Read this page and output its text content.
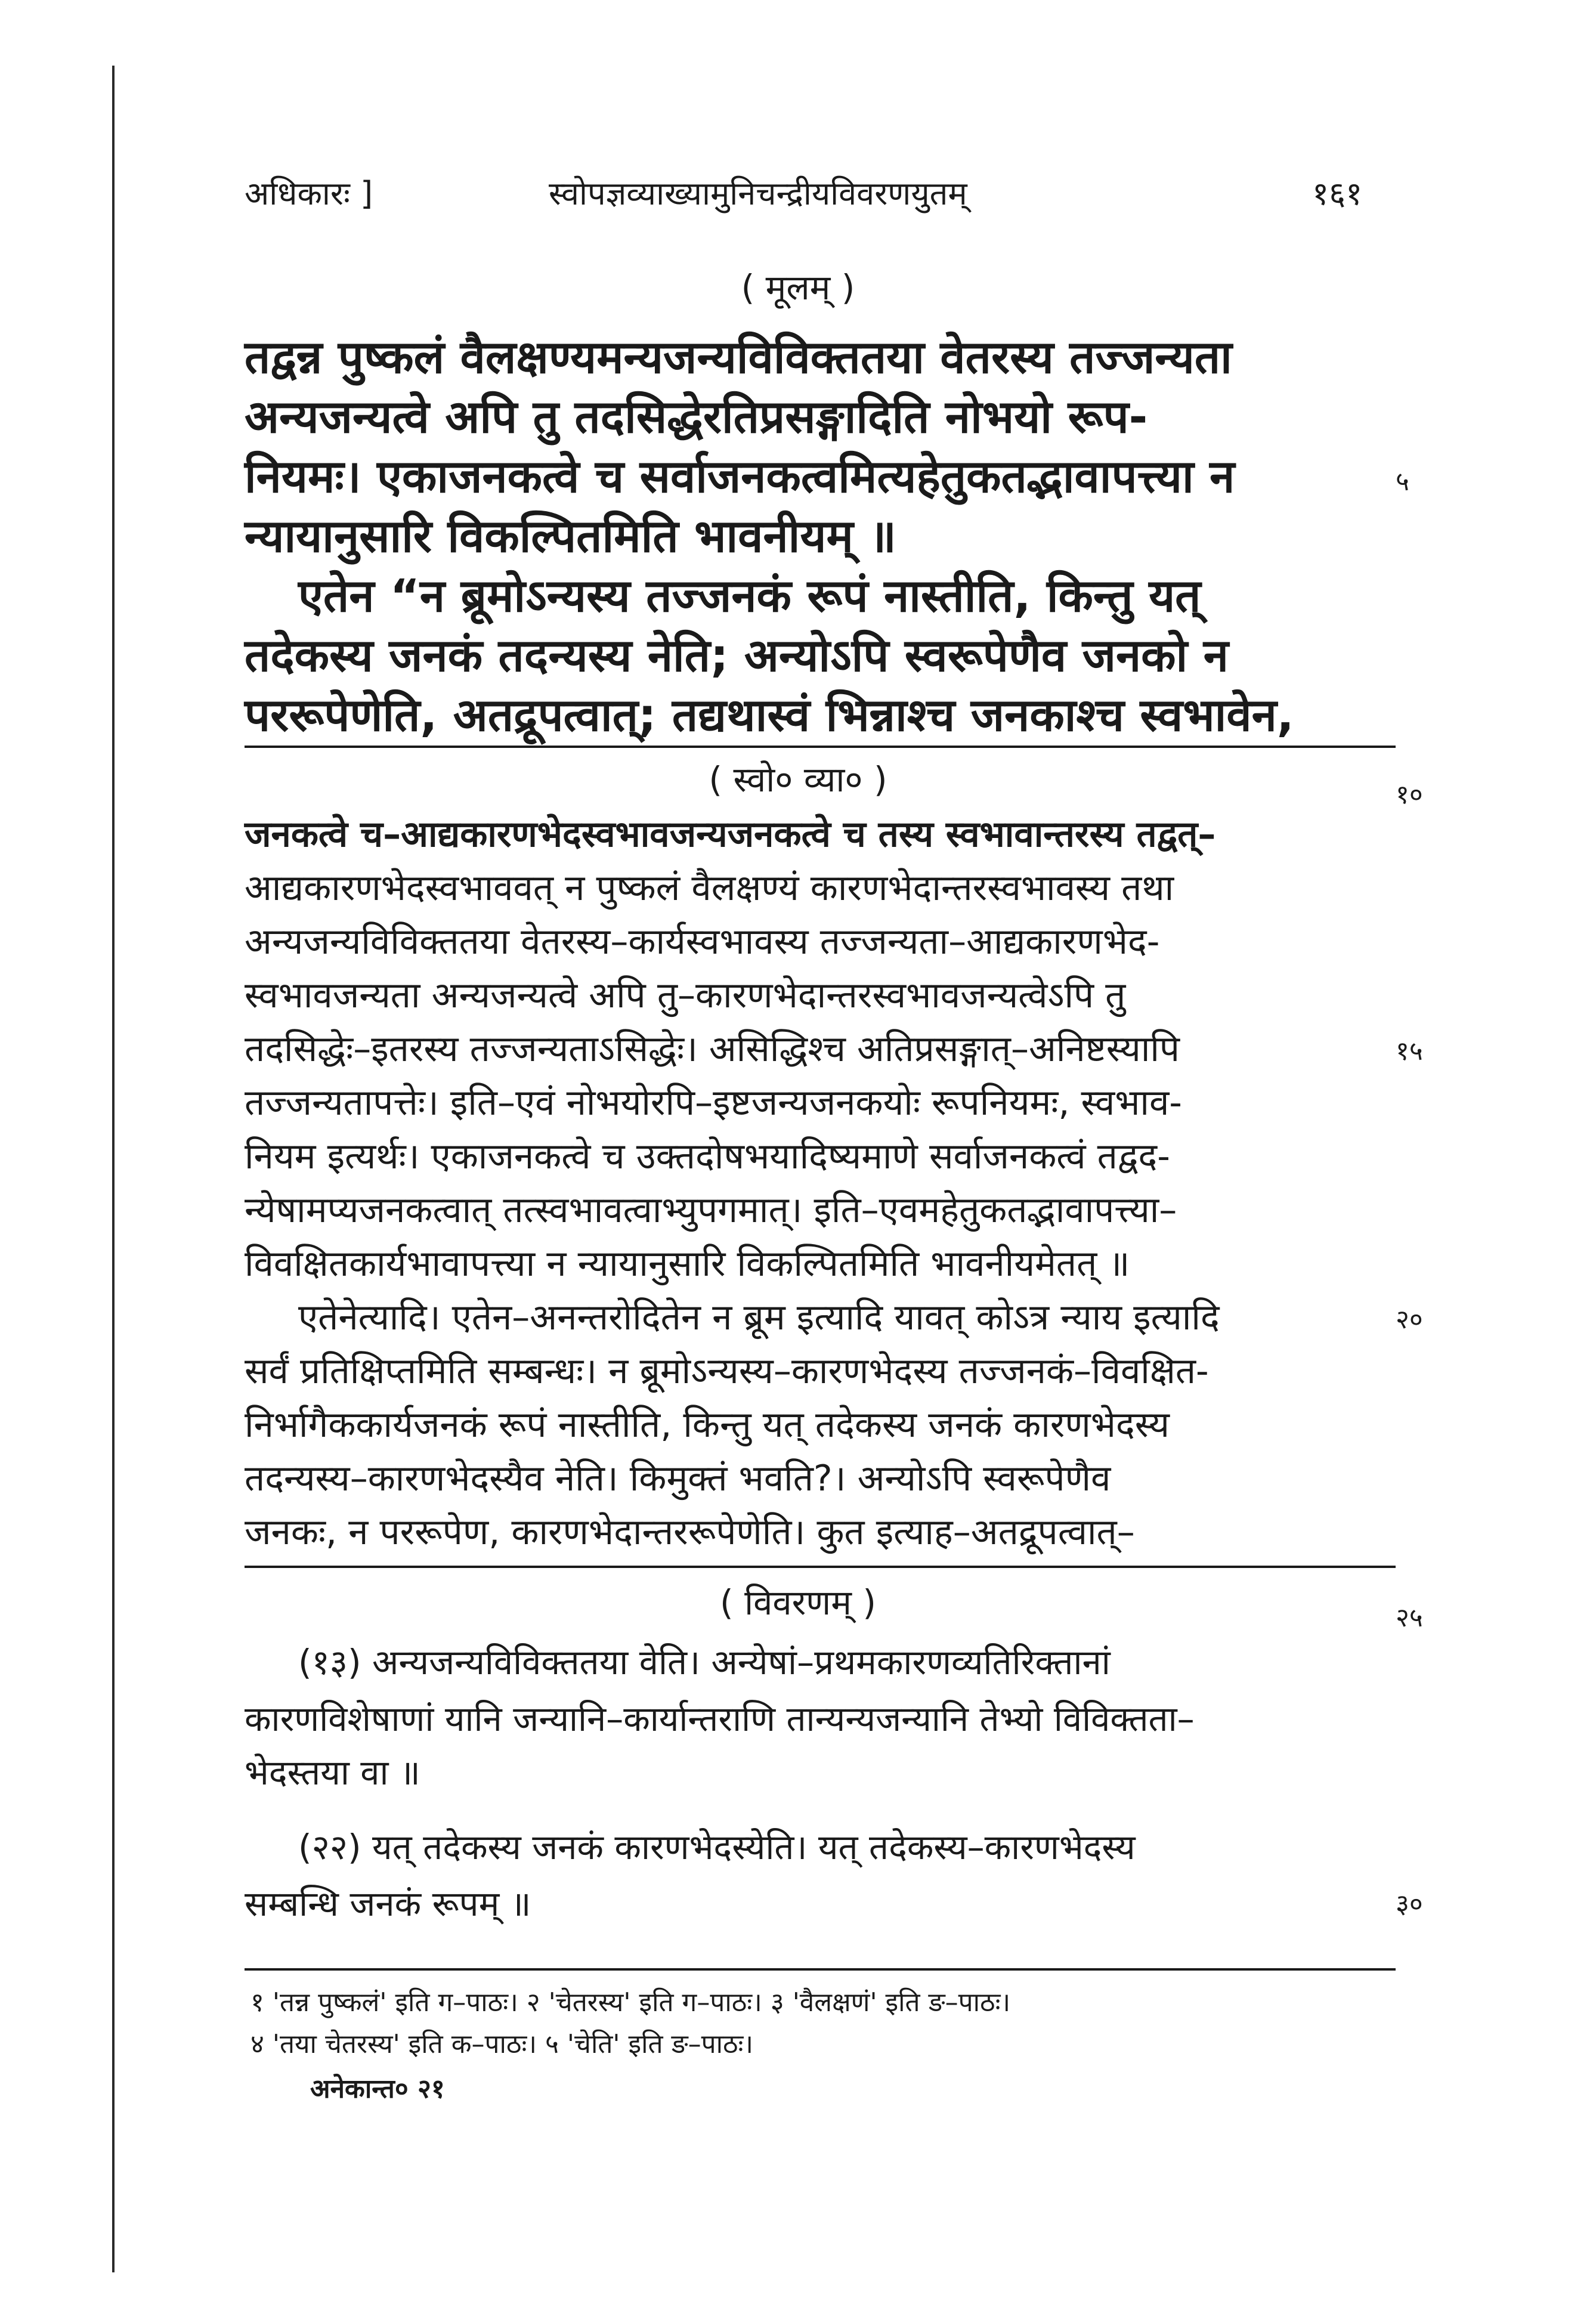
अधिकारः ]	स्वोपज्ञव्याख्यामुनिचन्द्रीयविवरणयुतम्	१६१
( मूलम् )
तद्वन्न पुष्कलं वैलक्षण्यमन्यजन्यविविक्ततया वेतरस्य तज्जन्यता
अन्यजन्यत्वे अपि तु तदसिद्धेरतिप्रसङ्गादिति नोभयो रूप-
नियमः। एकाजनकत्वे च सर्वाजनकत्वमित्यहेतुकतद्भावापत्त्या न
न्यायानुसारि विकल्पितमिति भावनीयम् ॥
एतेन “न ब्रूमोऽन्यस्य तज्जनकं रूपं नास्तीति, किन्तु यत्
तदेकस्य जनकं तदन्यस्य नेति; अन्योऽपि स्वरूपेणैव जनको न
पररूपेणेति, अतद्रूपत्वात्; तद्यथास्वं भिन्नाश्च जनकाश्च स्वभावेन,
५
( स्वो० व्या० )	१०
जनकत्वे च–आद्यकारणभेदस्वभावजन्यजनकत्वे च तस्य स्वभावान्तरस्य तद्वत्–
आद्यकारणभेदस्वभाववत् न पुष्कलं वैलक्षण्यं कारणभेदान्तरस्वभावस्य तथा
अन्यजन्यविविक्ततया वेतरस्य–कार्यस्वभावस्य तज्जन्यता–आद्यकारणभेद-
स्वभावजन्यता अन्यजन्यत्वे अपि तु–कारणभेदान्तरस्वभावजन्यत्वेऽपि तु
तदसिद्धेः–इतरस्य तज्जन्यताऽसिद्धेः। असिद्धिश्च अतिप्रसङ्गात्–अनिष्टस्यापि	१५
तज्जन्यतापत्तेः। इति–एवं नोभयोरपि–इष्टजन्यजनकयोः रूपनियमः, स्वभाव-
नियम इत्यर्थः। एकाजनकत्वे च उक्तदोषभयादिष्यमाणे सर्वाजनकत्वं तद्वद-
न्येषामप्यजनकत्वात् तत्स्वभावत्वाभ्युपगमात्। इति–एवमहेतुकतद्भावापत्त्या–
विवक्षितकार्यभावापत्त्या न न्यायानुसारि विकल्पितमिति भावनीयमेतत् ॥
एतेनेत्यादि। एतेन–अनन्तरोदितेन न ब्रूम इत्यादि यावत् कोऽत्र न्याय इत्यादि	२०
सर्वं प्रतिक्षिप्तमिति सम्बन्धः। न ब्रूमोऽन्यस्य–कारणभेदस्य तज्जनकं–विवक्षित-
निर्भागैककार्यजनकं रूपं नास्तीति, किन्तु यत् तदेकस्य जनकं कारणभेदस्य
तदन्यस्य–कारणभेदस्यैव नेति। किमुक्तं भवति?। अन्योऽपि स्वरूपेणैव
जनकः, न पररूपेण, कारणभेदान्तररूपेणेति। कुत इत्याह–अतद्रूपत्वात्–
( विवरणम् )	२५
(१३) अन्यजन्यविविक्ततया वेति। अन्येषां–प्रथमकारणव्यतिरिक्तानां
कारणविशेषाणां यानि जन्यानि–कार्यान्तराणि तान्यन्यजन्यानि तेभ्यो विविक्तता–
भेदस्तया वा ॥
(२२) यत् तदेकस्य जनकं कारणभेदस्येति। यत् तदेकस्य–कारणभेदस्य
सम्बन्धि जनकं रूपम् ॥	३०
१ 'तन्न पुष्कलं' इति ग–पाठः। २ 'चेतरस्य' इति ग–पाठः। ३ 'वैलक्षणं' इति ङ–पाठः।
४ 'तया चेतरस्य' इति क–पाठः। ५ 'चेति' इति ङ–पाठः।
अनेकान्त० २१
